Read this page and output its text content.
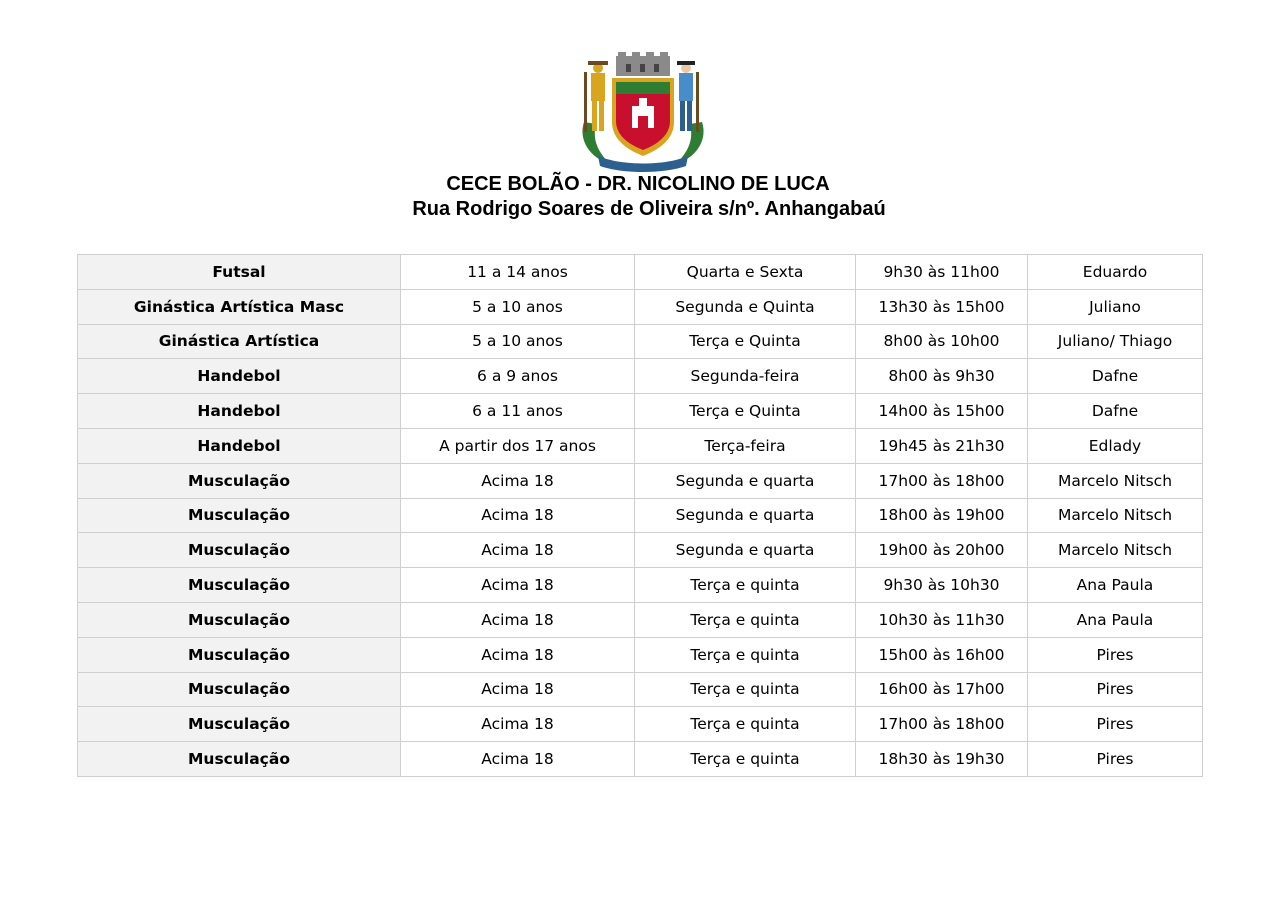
CECE BOLÃO - DR. NICOLINO DE LUCA
Rua Rodrigo Soares de Oliveira s/nº. Anhangabaú
Futsal	11 a 14 anos	Quarta e Sexta	9h30 às 11h00	Eduardo
Ginástica Artística Masc	5 a 10 anos	Segunda e Quinta	13h30 às 15h00	Juliano
Ginástica Artística	5 a 10 anos	Terça e Quinta	8h00 às 10h00	Juliano/ Thiago
Handebol	6 a 9 anos	Segunda-feira	8h00 às 9h30	Dafne
Handebol	6 a 11 anos	Terça e Quinta	14h00 às 15h00	Dafne
Handebol	A partir dos 17 anos	Terça-feira	19h45 às 21h30	Edlady
Musculação	Acima 18	Segunda e quarta	17h00 às 18h00	Marcelo Nitsch
Musculação	Acima 18	Segunda e quarta	18h00 às 19h00	Marcelo Nitsch
Musculação	Acima 18	Segunda e quarta	19h00 às 20h00	Marcelo Nitsch
Musculação	Acima 18	Terça e quinta	9h30 às 10h30	Ana Paula
Musculação	Acima 18	Terça e quinta	10h30 às 11h30	Ana Paula
Musculação	Acima 18	Terça e quinta	15h00 às 16h00	Pires
Musculação	Acima 18	Terça e quinta	16h00 às 17h00	Pires
Musculação	Acima 18	Terça e quinta	17h00 às 18h00	Pires
Musculação	Acima 18	Terça e quinta	18h30 às 19h30	Pires
